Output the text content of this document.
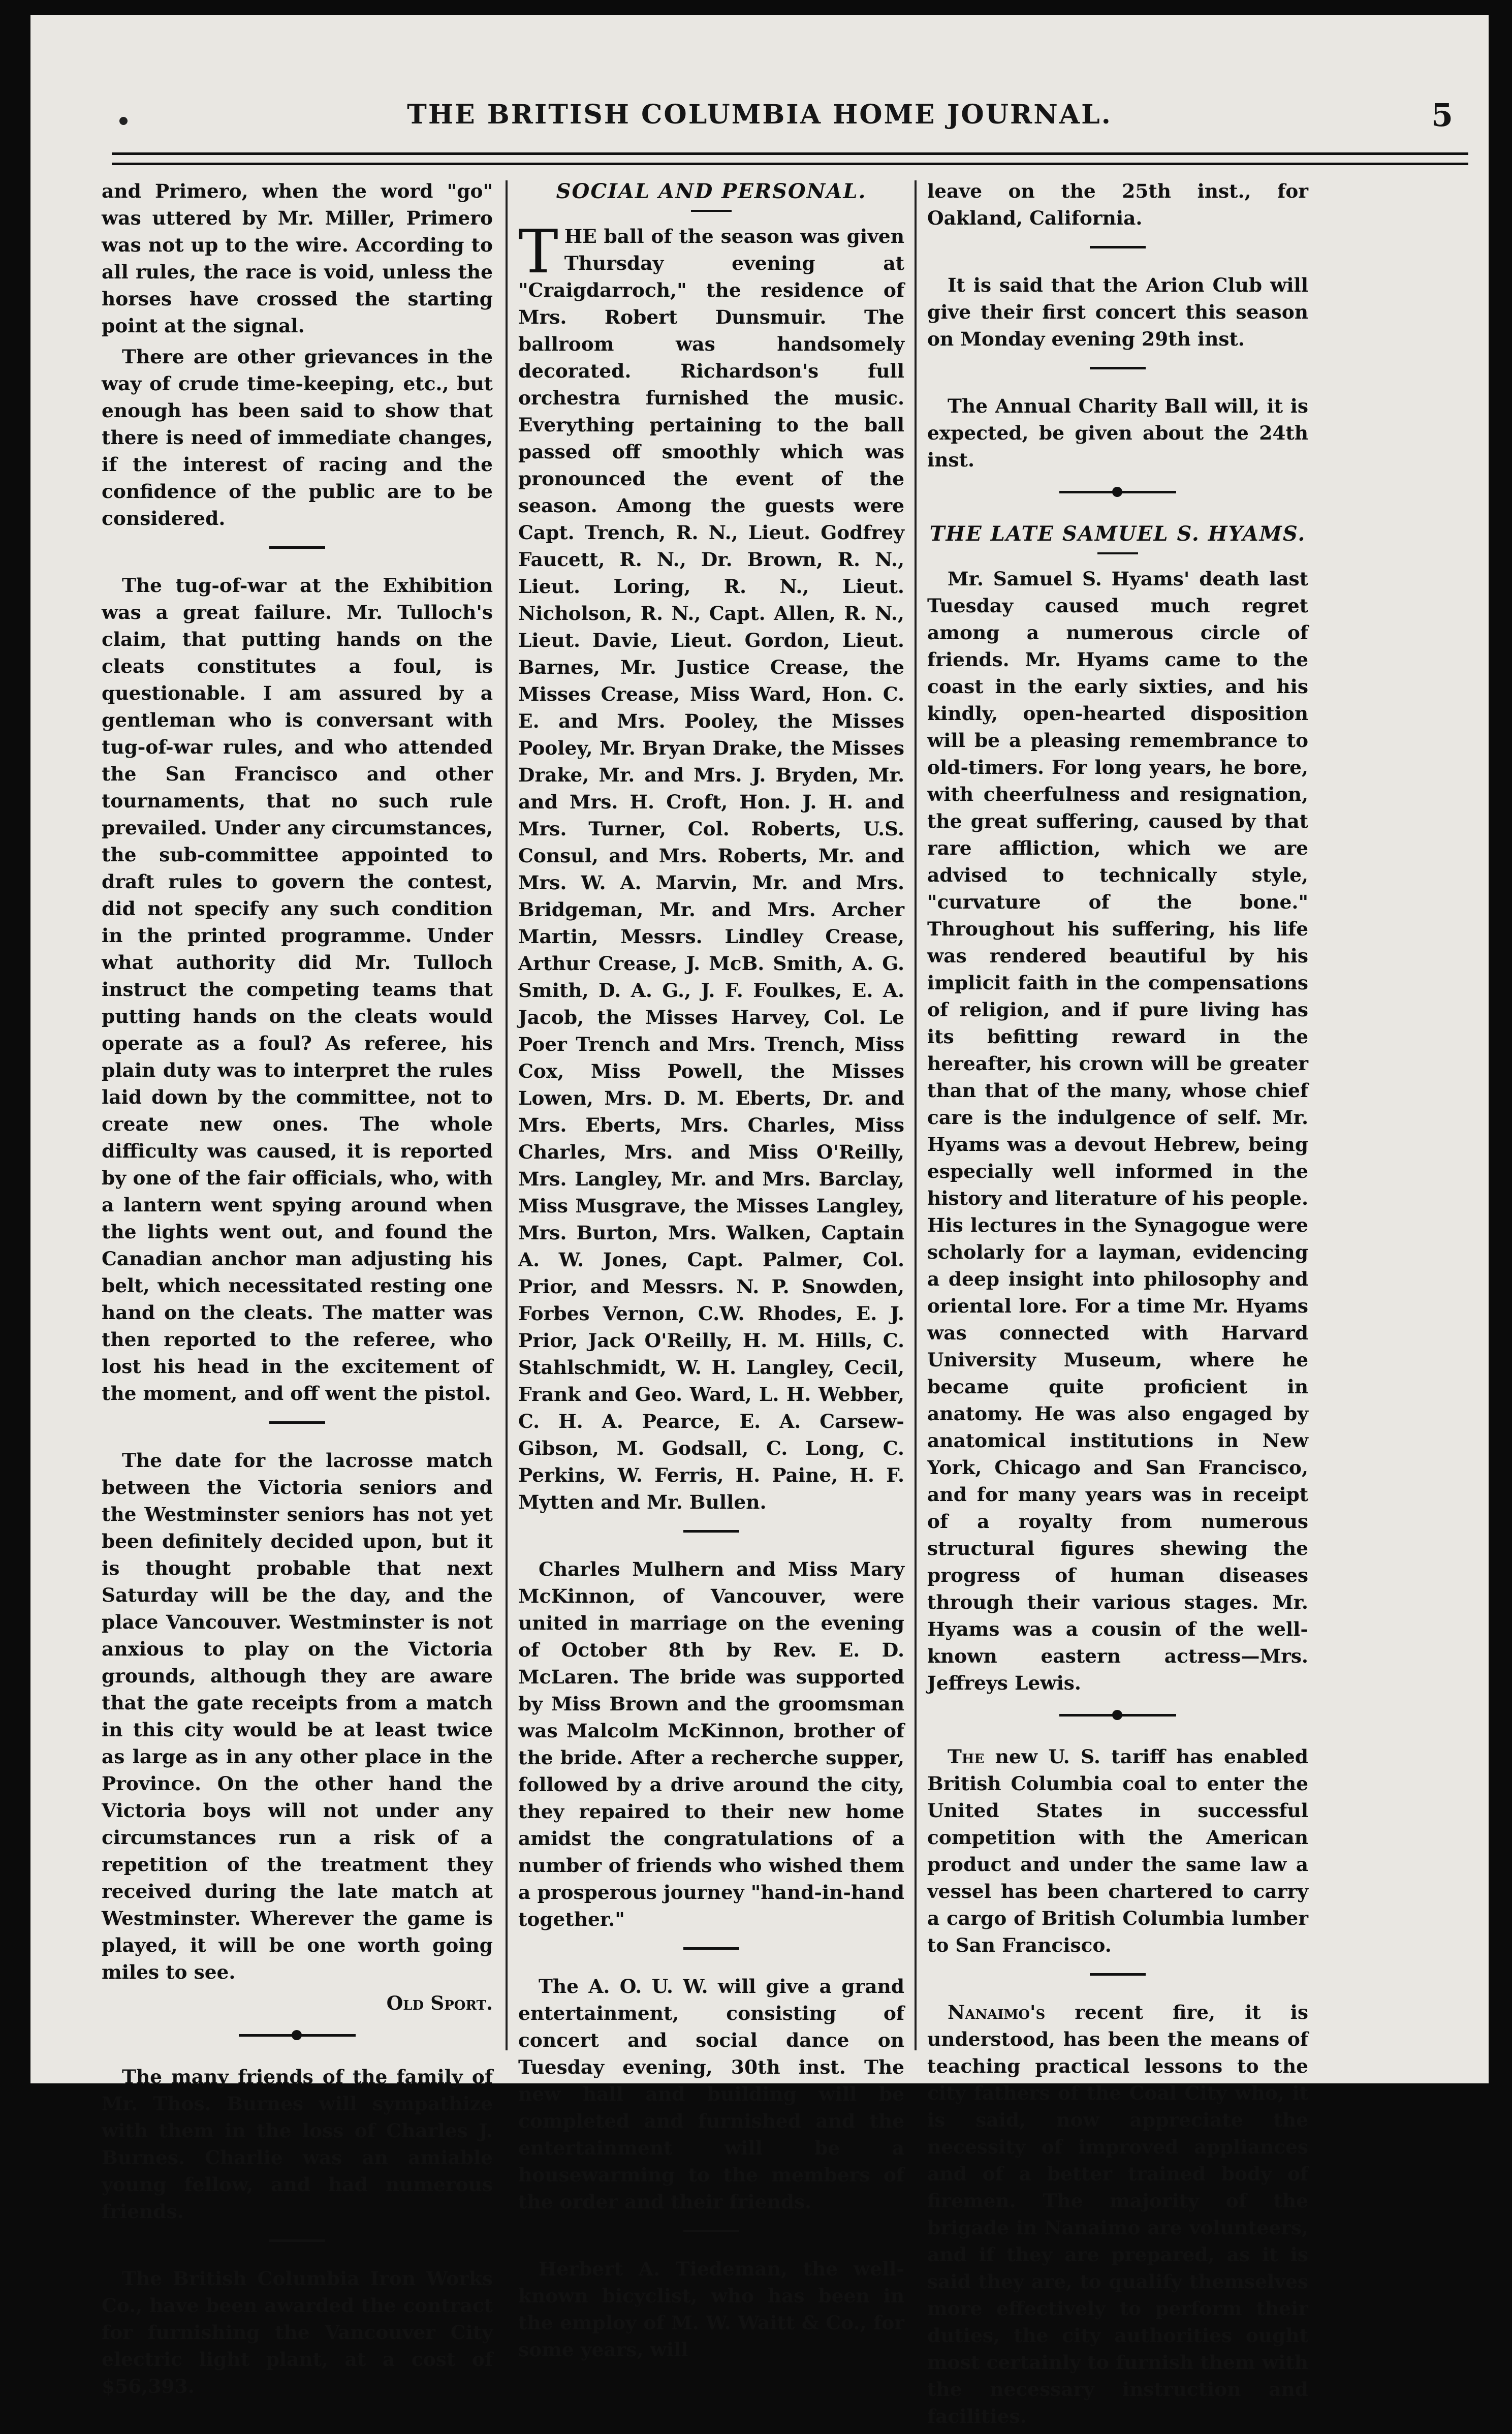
THE BRITISH COLUMBIA HOME JOURNAL.	5

and Primero, when the word "go" was uttered by Mr. Miller, Primero was not up to the wire. According to all rules, the race is void, unless the horses have crossed the starting point at the signal.

There are other grievances in the way of crude time-keeping, etc., but enough has been said to show that there is need of immediate changes, if the interest of racing and the confidence of the public are to be considered.

The tug-of-war at the Exhibition was a great failure. Mr. Tulloch's claim, that putting hands on the cleats constitutes a foul, is questionable. I am assured by a gentleman who is conversant with tug-of-war rules, and who attended the San Francisco and other tournaments, that no such rule prevailed. Under any circumstances, the sub-committee appointed to draft rules to govern the contest, did not specify any such condition in the printed programme. Under what authority did Mr. Tulloch instruct the competing teams that putting hands on the cleats would operate as a foul? As referee, his plain duty was to interpret the rules laid down by the committee, not to create new ones. The whole difficulty was caused, it is reported by one of the fair officials, who, with a lantern went spying around when the lights went out, and found the Canadian anchor man adjusting his belt, which necessitated resting one hand on the cleats. The matter was then reported to the referee, who lost his head in the excitement of the moment, and off went the pistol.

The date for the lacrosse match between the Victoria seniors and the Westminster seniors has not yet been definitely decided upon, but it is thought probable that next Saturday will be the day, and the place Vancouver. Westminster is not anxious to play on the Victoria grounds, although they are aware that the gate receipts from a match in this city would be at least twice as large as in any other place in the Province. On the other hand the Victoria boys will not under any circumstances run a risk of a repetition of the treatment they received during the late match at Westminster. Wherever the game is played, it will be one worth going miles to see.

Old Sport.

The many friends of the family of Mr. Thos. Burnes will sympathize with them in the loss of Charles J. Burnes. Charlie was an amiable young fellow, and had numerous friends.

The British Columbia Iron Works Co., have been awarded the contract for furnishing the Vancouver City electric light plant, at a cost of $56,393.

SOCIAL AND PERSONAL.

THE ball of the season was given Thursday evening at "Craigdarroch," the residence of Mrs. Robert Dunsmuir. The ballroom was handsomely decorated. Richardson's full orchestra furnished the music. Everything pertaining to the ball passed off smoothly which was pronounced the event of the season. Among the guests were Capt. Trench, R. N., Lieut. Godfrey Faucett, R. N., Dr. Brown, R. N., Lieut. Loring, R. N., Lieut. Nicholson, R. N., Capt. Allen, R. N., Lieut. Davie, Lieut. Gordon, Lieut. Barnes, Mr. Justice Crease, the Misses Crease, Miss Ward, Hon. C. E. and Mrs. Pooley, the Misses Pooley, Mr. Bryan Drake, the Misses Drake, Mr. and Mrs. J. Bryden, Mr. and Mrs. H. Croft, Hon. J. H. and Mrs. Turner, Col. Roberts, U.S. Consul, and Mrs. Roberts, Mr. and Mrs. W. A. Marvin, Mr. and Mrs. Bridgeman, Mr. and Mrs. Archer Martin, Messrs. Lindley Crease, Arthur Crease, J. McB. Smith, A. G. Smith, D. A. G., J. F. Foulkes, E. A. Jacob, the Misses Harvey, Col. Le Poer Trench and Mrs. Trench, Miss Cox, Miss Powell, the Misses Lowen, Mrs. D. M. Eberts, Dr. and Mrs. Eberts, Mrs. Charles, Miss Charles, Mrs. and Miss O'Reilly, Mrs. Langley, Mr. and Mrs. Barclay, Miss Musgrave, the Misses Langley, Mrs. Burton, Mrs. Walken, Captain A. W. Jones, Capt. Palmer, Col. Prior, and Messrs. N. P. Snowden, Forbes Vernon, C.W. Rhodes, E. J. Prior, Jack O'Reilly, H. M. Hills, C. Stahlschmidt, W. H. Langley, Cecil, Frank and Geo. Ward, L. H. Webber, C. H. A. Pearce, E. A. Carsew-Gibson, M. Godsall, C. Long, C. Perkins, W. Ferris, H. Paine, H. F. Mytten and Mr. Bullen.

Charles Mulhern and Miss Mary McKinnon, of Vancouver, were united in marriage on the evening of October 8th by Rev. E. D. McLaren. The bride was supported by Miss Brown and the groomsman was Malcolm McKinnon, brother of the bride. After a recherche supper, followed by a drive around the city, they repaired to their new home amidst the congratulations of a number of friends who wished them a prosperous journey "hand-in-hand together."

The A. O. U. W. will give a grand entertainment, consisting of concert and social dance on Tuesday evening, 30th inst. The new hall and building will be completed and furnished and the entertainment will be a housewarming to the members of the order and their friends.

Herbert A. Tiedeman, the well-known bicyclist, who has been in the employ of M. W. Waitt & Co., for some years, will

leave on the 25th inst., for Oakland, California.

It is said that the Arion Club will give their first concert this season on Monday evening 29th inst.

The Annual Charity Ball will, it is expected, be given about the 24th inst.

THE LATE SAMUEL S. HYAMS.

Mr. Samuel S. Hyams' death last Tuesday caused much regret among a numerous circle of friends. Mr. Hyams came to the coast in the early sixties, and his kindly, open-hearted disposition will be a pleasing remembrance to old-timers. For long years, he bore, with cheerfulness and resignation, the great suffering, caused by that rare affliction, which we are advised to technically style, "curvature of the bone." Throughout his suffering, his life was rendered beautiful by his implicit faith in the compensations of religion, and if pure living has its befitting reward in the hereafter, his crown will be greater than that of the many, whose chief care is the indulgence of self. Mr. Hyams was a devout Hebrew, being especially well informed in the history and literature of his people. His lectures in the Synagogue were scholarly for a layman, evidencing a deep insight into philosophy and oriental lore. For a time Mr. Hyams was connected with Harvard University Museum, where he became quite proficient in anatomy. He was also engaged by anatomical institutions in New York, Chicago and San Francisco, and for many years was in receipt of a royalty from numerous structural figures shewing the progress of human diseases through their various stages. Mr. Hyams was a cousin of the well-known eastern actress—Mrs. Jeffreys Lewis.

The new U. S. tariff has enabled British Columbia coal to enter the United States in successful competition with the American product and under the same law a vessel has been chartered to carry a cargo of British Columbia lumber to San Francisco.

Nanaimo's recent fire, it is understood, has been the means of teaching practical lessons to the city fathers of the Coal City who, it is said, now appreciate the necessity of improved appliances and of a better trained body of firemen. The majority of the brigade in Nanaimo are volunteers, and if they are prepared, as it is said they are, to qualify themselves more effectively to perform their duties, the city authorities ought most certainly to furnish them with the necessary instruction and facilities.
